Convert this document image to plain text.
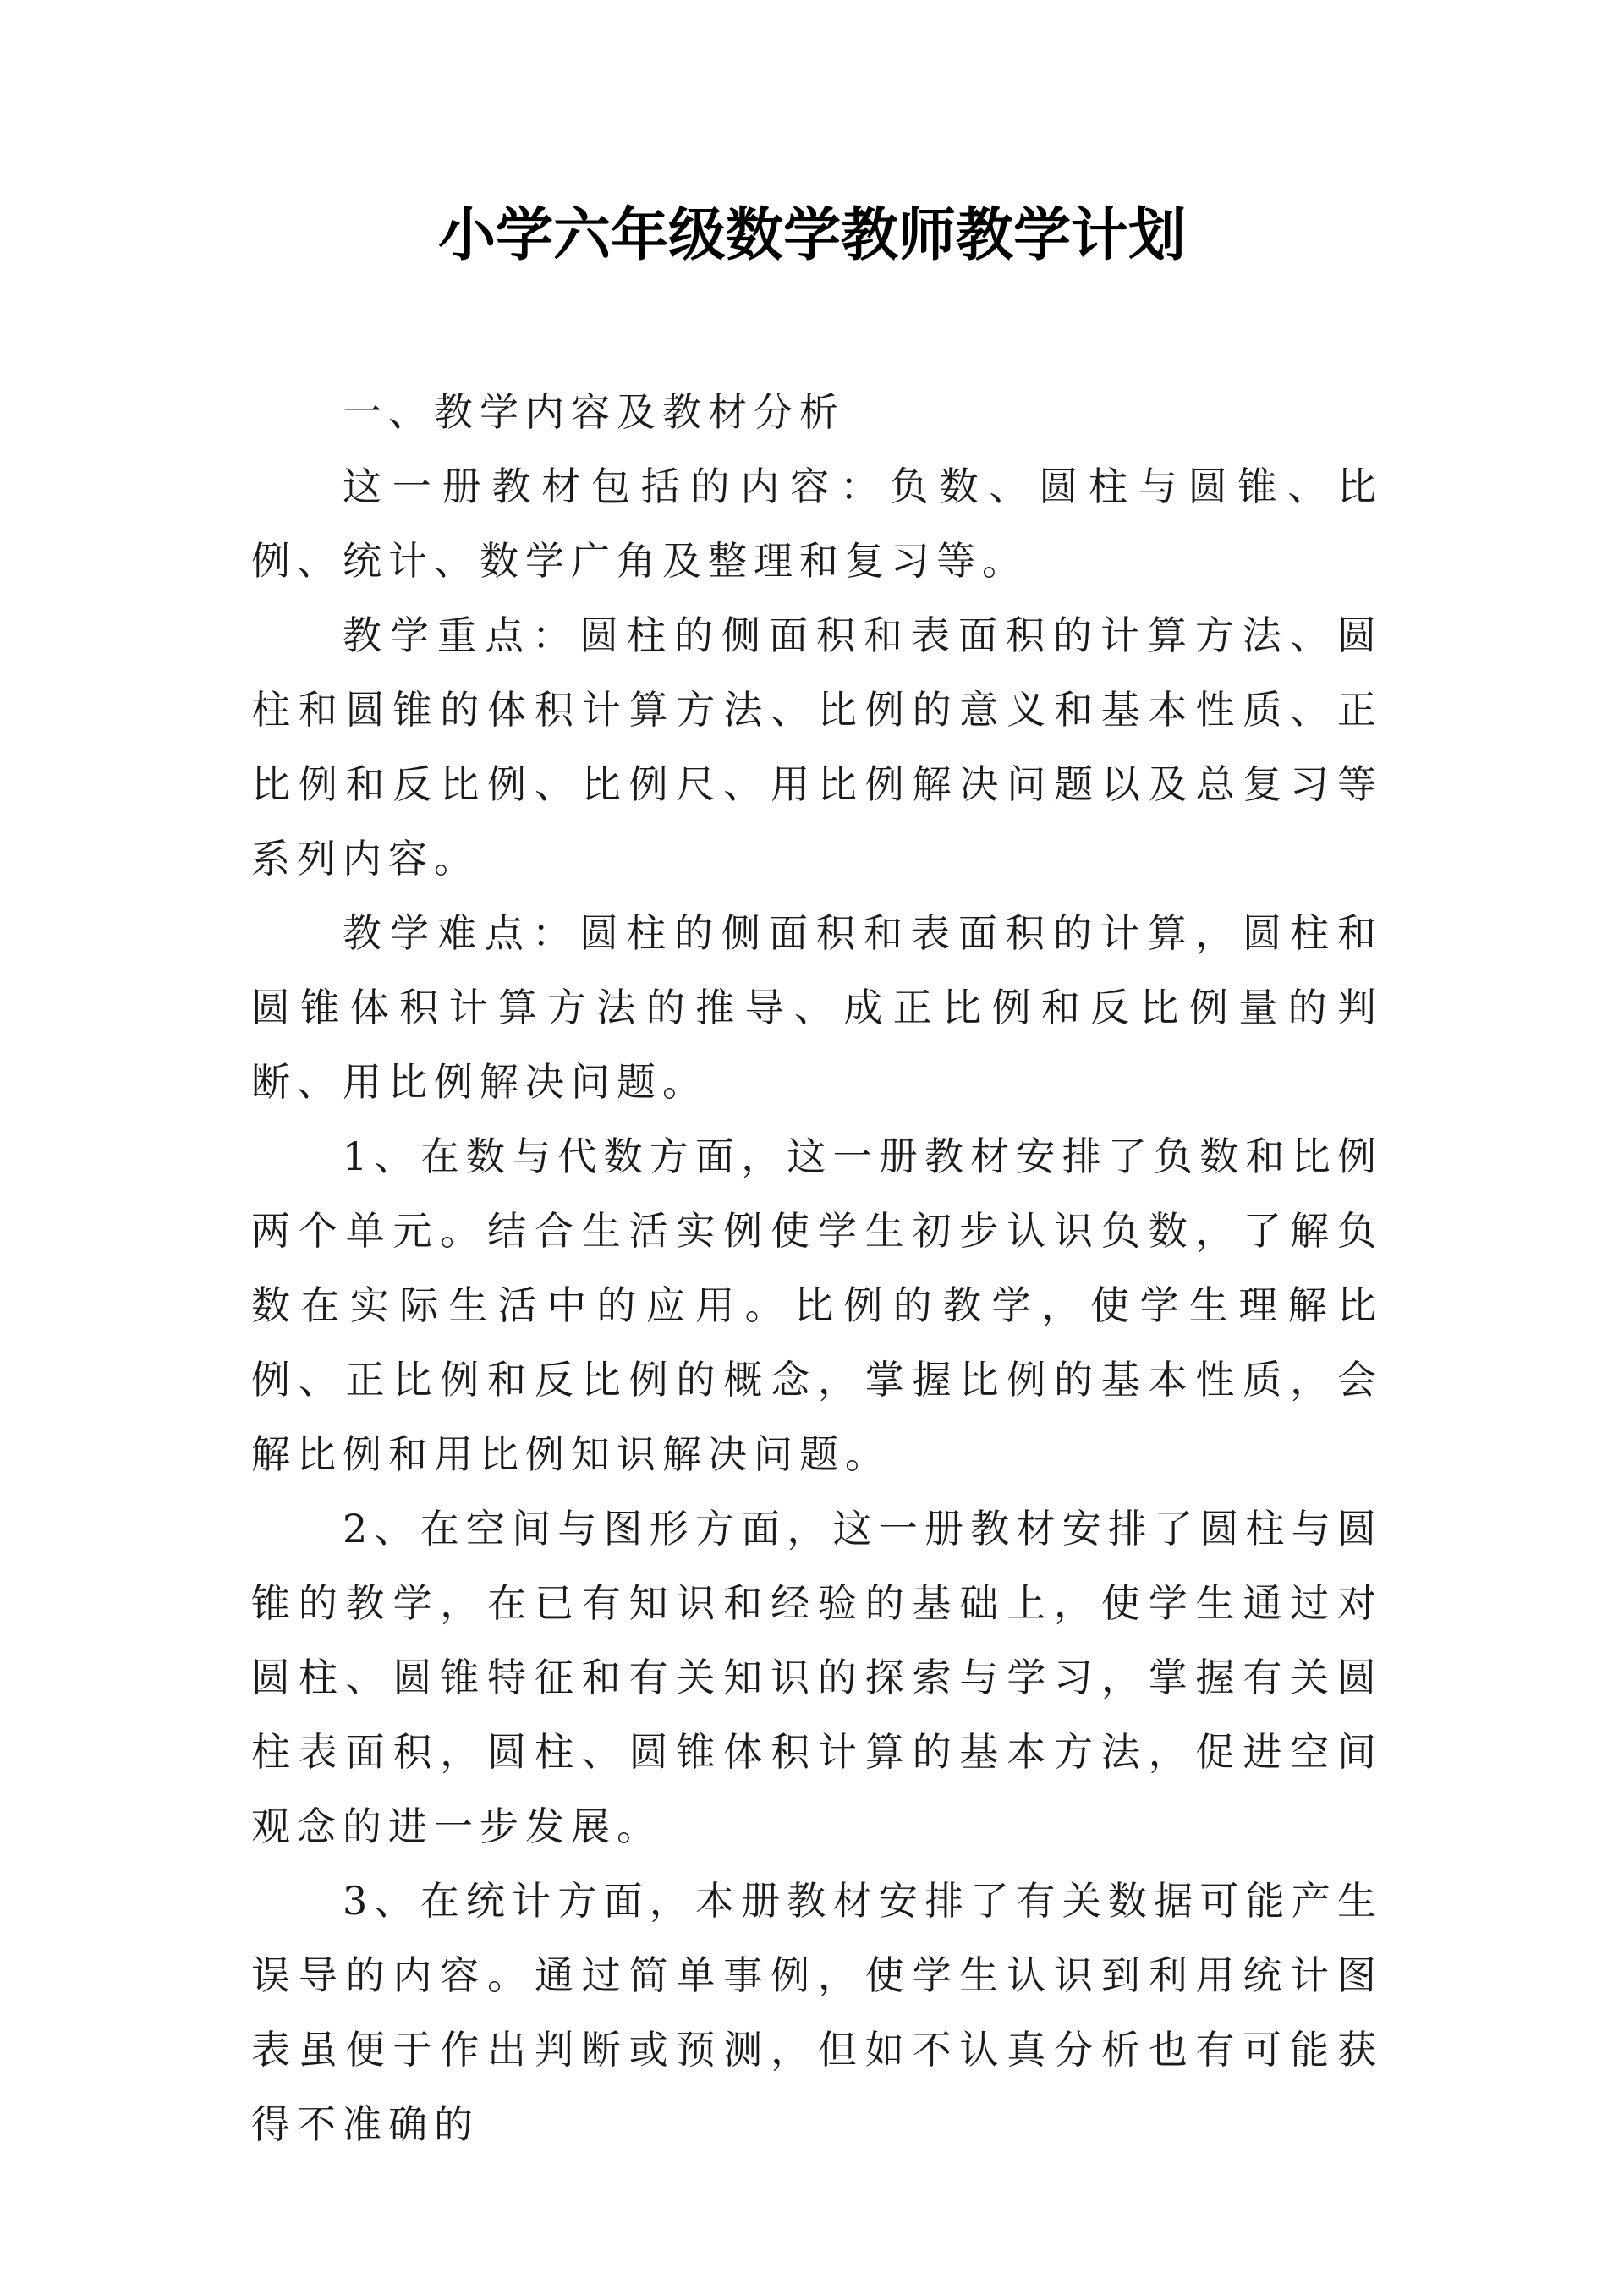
小学六年级数学教师教学计划

一、教学内容及教材分析

这一册教材包括的内容：负数、圆柱与圆锥、比例、统计、数学广角及整理和复习等。

教学重点：圆柱的侧面积和表面积的计算方法、圆柱和圆锥的体积计算方法、比例的意义和基本性质、正比例和反比例、比例尺、用比例解决问题以及总复习等系列内容。

教学难点：圆柱的侧面积和表面积的计算，圆柱和圆锥体积计算方法的推导、成正比例和反比例量的判断、用比例解决问题。

1、在数与代数方面，这一册教材安排了负数和比例两个单元。结合生活实例使学生初步认识负数，了解负数在实际生活中的应用。比例的教学，使学生理解比例、正比例和反比例的概念，掌握比例的基本性质，会解比例和用比例知识解决问题。

2、在空间与图形方面，这一册教材安排了圆柱与圆锥的教学，在已有知识和经验的基础上，使学生通过对圆柱、圆锥特征和有关知识的探索与学习，掌握有关圆柱表面积，圆柱、圆锥体积计算的基本方法，促进空间观念的进一步发展。

3、在统计方面，本册教材安排了有关数据可能产生误导的内容。通过简单事例，使学生认识到利用统计图表虽便于作出判断或预测，但如不认真分析也有可能获得不准确的
